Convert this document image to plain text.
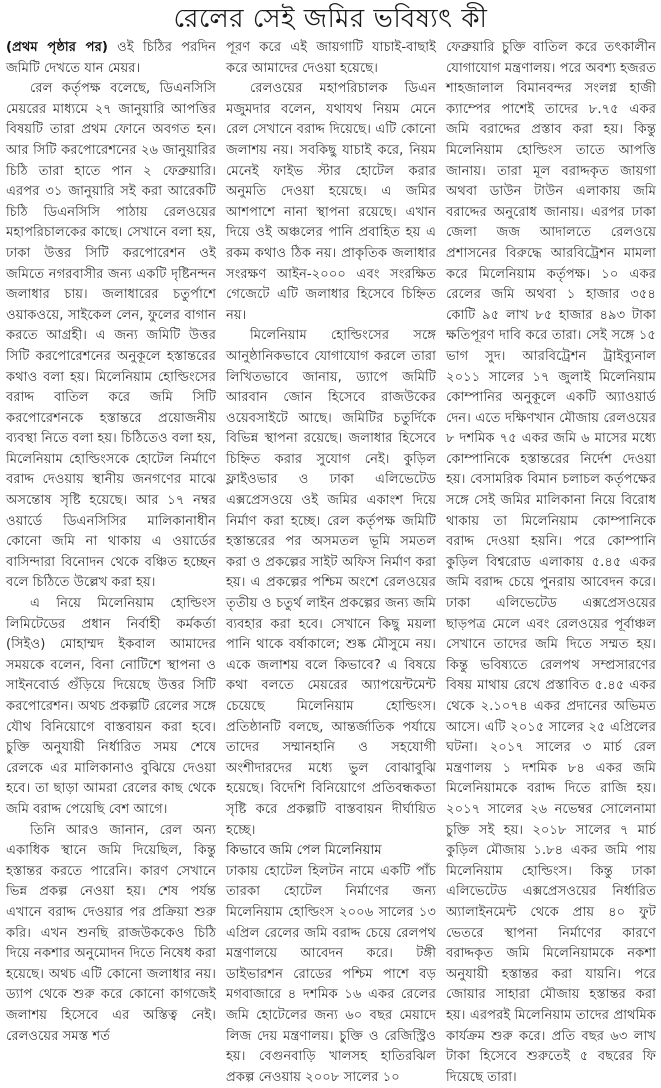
রেলের সেই জমির ভবিষ্যৎ কী

(প্রথম পৃষ্ঠার পর) ওই চিঠির পরদিন জমিটি দেখতে যান মেয়র।

রেল কর্তৃপক্ষ বলেছে, ডিএনসিসি মেয়রের মাধ্যমে ২৭ জানুয়ারি আপত্তির বিষয়টি তারা প্রথম ফোনে অবগত হন। আর সিটি করপোরেশনের ২৬ জানুয়ারির চিঠি তারা হাতে পান ২ ফেব্রুয়ারি। এরপর ৩১ জানুয়ারি সই করা আরেকটি চিঠি ডিএনসিসি পাঠায় রেলওয়ের মহাপরিচালকের কাছে। সেখানে বলা হয়, ঢাকা উত্তর সিটি করপোরেশন ওই জমিতে নগরবাসীর জন্য একটি দৃষ্টিনন্দন জলাধার চায়। জলাধারের চতুর্পাশে ওয়াকওয়ে, সাইকেল লেন, ফুলের বাগান করতে আগ্রহী। এ জন্য জমিটি উত্তর সিটি করপোরেশনের অনুকূলে হস্তান্তরের কথাও বলা হয়। মিলেনিয়াম হোল্ডিংসের বরাদ্দ বাতিল করে জমি সিটি করপোরেশনকে হস্তান্তরে প্রয়োজনীয় ব্যবস্থা নিতে বলা হয়। চিঠিতেও বলা হয়, মিলেনিয়াম হোল্ডিংসকে হোটেল নির্মাণে বরাদ্দ দেওয়ায় স্থানীয় জনগণের মাঝে অসন্তোষ সৃষ্টি হয়েছে। আর ১৭ নম্বর ওয়ার্ডে ডিএনসিসির মালিকানাধীন কোনো জমি না থাকায় এ ওয়ার্ডের বাসিন্দারা বিনোদন থেকে বঞ্চিত হচ্ছেন বলে চিঠিতে উল্লেখ করা হয়।

এ নিয়ে মিলেনিয়াম হোল্ডিংস লিমিটেডের প্রধান নির্বাহী কর্মকর্তা (সিইও) মোহাম্মদ ইকবাল আমাদের সময়কে বলেন, বিনা নোটিশে স্থাপনা ও সাইনবোর্ড গুঁড়িয়ে দিয়েছে উত্তর সিটি করপোরেশন। অথচ প্রকল্পটি রেলের সঙ্গে যৌথ বিনিয়োগে বাস্তবায়ন করা হবে। চুক্তি অনুযায়ী নির্ধারিত সময় শেষে রেলকে এর মালিকানাও বুঝিয়ে দেওয়া হবে। তা ছাড়া আমরা রেলের কাছ থেকে জমি বরাদ্দ পেয়েছি বেশ আগে।

তিনি আরও জানান, রেল অন্য একাধিক স্থানে জমি দিয়েছিল, কিন্তু হস্তান্তর করতে পারেনি। কারণ সেখানে ভিন্ন প্রকল্প নেওয়া হয়। শেষ পর্যন্ত এখানে বরাদ্দ দেওয়ার পর প্রক্রিয়া শুরু করি। এখন শুনছি রাজউককেও চিঠি দিয়ে নকশার অনুমোদন দিতে নিষেধ করা হয়েছে। অথচ এটি কোনো জলাধার নয়। ড্যাপ থেকে শুরু করে কোনো কাগজেই জলাশয় হিসেবে এর অস্তিত্ব নেই। রেলওয়ের সমস্ত শর্ত

পূরণ করে এই জায়গাটি যাচাই-বাছাই করে আমাদের দেওয়া হয়েছে।

রেলওয়ের মহাপরিচালক ডিএন মজুমদার বলেন, যথাযথ নিয়ম মেনে রেল সেখানে বরাদ্দ দিয়েছে। এটি কোনো জলাশয় নয়। সবকিছু যাচাই করে, নিয়ম মেনেই ফাইভ স্টার হোটেল করার অনুমতি দেওয়া হয়েছে। এ জমির আশপাশে নানা স্থাপনা রয়েছে। এখান দিয়ে ওই অঞ্চলের পানি প্রবাহিত হয় এ রকম কথাও ঠিক নয়। প্রাকৃতিক জলাধার সংরক্ষণ আইন-২০০০ এবং সংরক্ষিত গেজেটে এটি জলাধার হিসেবে চিহ্নিত নয়।

মিলেনিয়াম হোল্ডিংসের সঙ্গে আনুষ্ঠানিকভাবে যোগাযোগ করলে তারা লিখিতভাবে জানায়, ড্যাপে জমিটি আরবান জোন হিসেবে রাজউকের ওয়েবসাইটে আছে। জমিটির চতুর্দিকে বিভিন্ন স্থাপনা রয়েছে। জলাধার হিসেবে চিহ্নিত করার সুযোগ নেই। কুড়িল ফ্লাইওভার ও ঢাকা এলিভেটেড এক্সপ্রেসওয়ে ওই জমির একাংশ দিয়ে নির্মাণ করা হচ্ছে। রেল কর্তৃপক্ষ জমিটি হস্তান্তরের পর অসমতল ভূমি সমতল করা ও প্রকল্পের সাইট অফিস নির্মাণ করা হয়। এ প্রকল্পের পশ্চিম অংশে রেলওয়ের তৃতীয় ও চতুর্থ লাইন প্রকল্পের জন্য জমি ব্যবহার করা হবে। সেখানে কিছু ময়লা পানি থাকে বর্ষাকালে; শুষ্ক মৌসুমে নয়। একে জলাশয় বলে কিভাবে? এ বিষয়ে কথা বলতে মেয়রের অ্যাপয়েন্টমেন্ট চেয়েছে মিলেনিয়াম হোল্ডিংস। প্রতিষ্ঠানটি বলছে, আন্তর্জাতিক পর্যায়ে তাদের সম্মানহানি ও সহযোগী অংশীদারদের মধ্যে ভুল বোঝাবুঝি হয়েছে। বিদেশি বিনিয়োগে প্রতিবন্ধকতা সৃষ্টি করে প্রকল্পটি বাস্তবায়ন দীর্ঘায়িত হচ্ছে।

কিভাবে জমি পেল মিলেনিয়াম

ঢাকায় হোটেল হিলটন নামে একটি পাঁচ তারকা হোটেল নির্মাণের জন্য মিলেনিয়াম হোল্ডিংস ২০০৬ সালের ১৩ এপ্রিল রেলের জমি বরাদ্দ চেয়ে রেলপথ মন্ত্রণালয়ে আবেদন করে। টঙ্গী ডাইভারশন রোডের পশ্চিম পাশে বড় মগবাজারে ৪ দশমিক ১৬ একর রেলের জমি হোটেলের জন্য ৬০ বছর মেয়াদে লিজ দেয় মন্ত্রণালয়। চুক্তি ও রেজিস্ট্রিও হয়। বেগুনবাড়ি খালসহ হাতিরঝিল প্রকল্প নেওয়ায় ২০০৮ সালের ১০

ফেব্রুয়ারি চুক্তি বাতিল করে তৎকালীন যোগাযোগ মন্ত্রণালয়। পরে অবশ্য হজরত শাহজালাল বিমানবন্দর সংলগ্ন হাজী ক্যাম্পের পাশেই তাদের ৮.৭৫ একর জমি বরাদ্দের প্রস্তাব করা হয়। কিন্তু মিলেনিয়াম হোল্ডিংস তাতে আপত্তি জানায়। তারা মূল বরাদ্দকৃত জায়গা অথবা ডাউন টাউন এলাকায় জমি বরাদ্দের অনুরোধ জানায়। এরপর ঢাকা জেলা জজ আদালতে রেলওয়ে প্রশাসনের বিরুদ্ধে আরবিট্রেশন মামলা করে মিলেনিয়াম কর্তৃপক্ষ। ১০ একর রেলের জমি অথবা ১ হাজার ৩৫৪ কোটি ৯৫ লাখ ৮৫ হাজার ৪৯৩ টাকা ক্ষতিপূরণ দাবি করে তারা। সেই সঙ্গে ১৫ ভাগ সুদ। আরবিট্রেশন ট্রাইব্যুনাল ২০১১ সালের ১৭ জুলাই মিলেনিয়াম কোম্পানির অনুকূলে একটি অ্যাওয়ার্ড দেন। এতে দক্ষিণখান মৌজায় রেলওয়ের ৮ দশমিক ৭৫ একর জমি ৬ মাসের মধ্যে কোম্পানিকে হস্তান্তরের নির্দেশ দেওয়া হয়। বেসামরিক বিমান চলাচল কর্তৃপক্ষের সঙ্গে সেই জমির মালিকানা নিয়ে বিরোধ থাকায় তা মিলেনিয়াম কোম্পানিকে বরাদ্দ দেওয়া হয়নি। পরে কোম্পানি কুড়িল বিশ্বরোড এলাকায় ৫.৪৫ একর জমি বরাদ্দ চেয়ে পুনরায় আবেদন করে। ঢাকা এলিভেটেড এক্সপ্রেসওয়ের ছাড়পত্র মেলে এবং রেলওয়ের পূর্বাঞ্চল সেখানে তাদের জমি দিতে সম্মত হয়। কিন্তু ভবিষ্যতে রেলপথ সম্প্রসারণের বিষয় মাথায় রেখে প্রস্তাবিত ৫.৪৫ একর থেকে ২.১০৭৪ একর প্রদানের অভিমত আসে। এটি ২০১৫ সালের ২৫ এপ্রিলের ঘটনা। ২০১৭ সালের ৩ মার্চ রেল মন্ত্রণালয় ১ দশমিক ৮৪ একর জমি মিলেনিয়ামকে বরাদ্দ দিতে রাজি হয়। ২০১৭ সালের ২৬ নভেম্বর সোলেনামা চুক্তি সই হয়। ২০১৮ সালের ৭ মার্চ কুড়িল মৌজায় ১.৮৪ একর জমি পায় মিলেনিয়াম হোল্ডিংস। কিন্তু ঢাকা এলিভেটেড এক্সপ্রেসওয়ের নির্ধারিত অ্যালাইনমেন্ট থেকে প্রায় ৪০ ফুট ভেতরে স্থাপনা নির্মাণের কারণে বরাদ্দকৃত জমি মিলেনিয়ামকে নকশা অনুযায়ী হস্তান্তর করা যায়নি। পরে জোয়ার সাহারা মৌজায় হস্তান্তর করা হয়। এরপরই মিলেনিয়াম তাদের প্রাথমিক কার্যক্রম শুরু করে। প্রতি বছর ৬৩ লাখ টাকা হিসেবে শুরুতেই ৫ বছরের ফি দিয়েছে তারা।
